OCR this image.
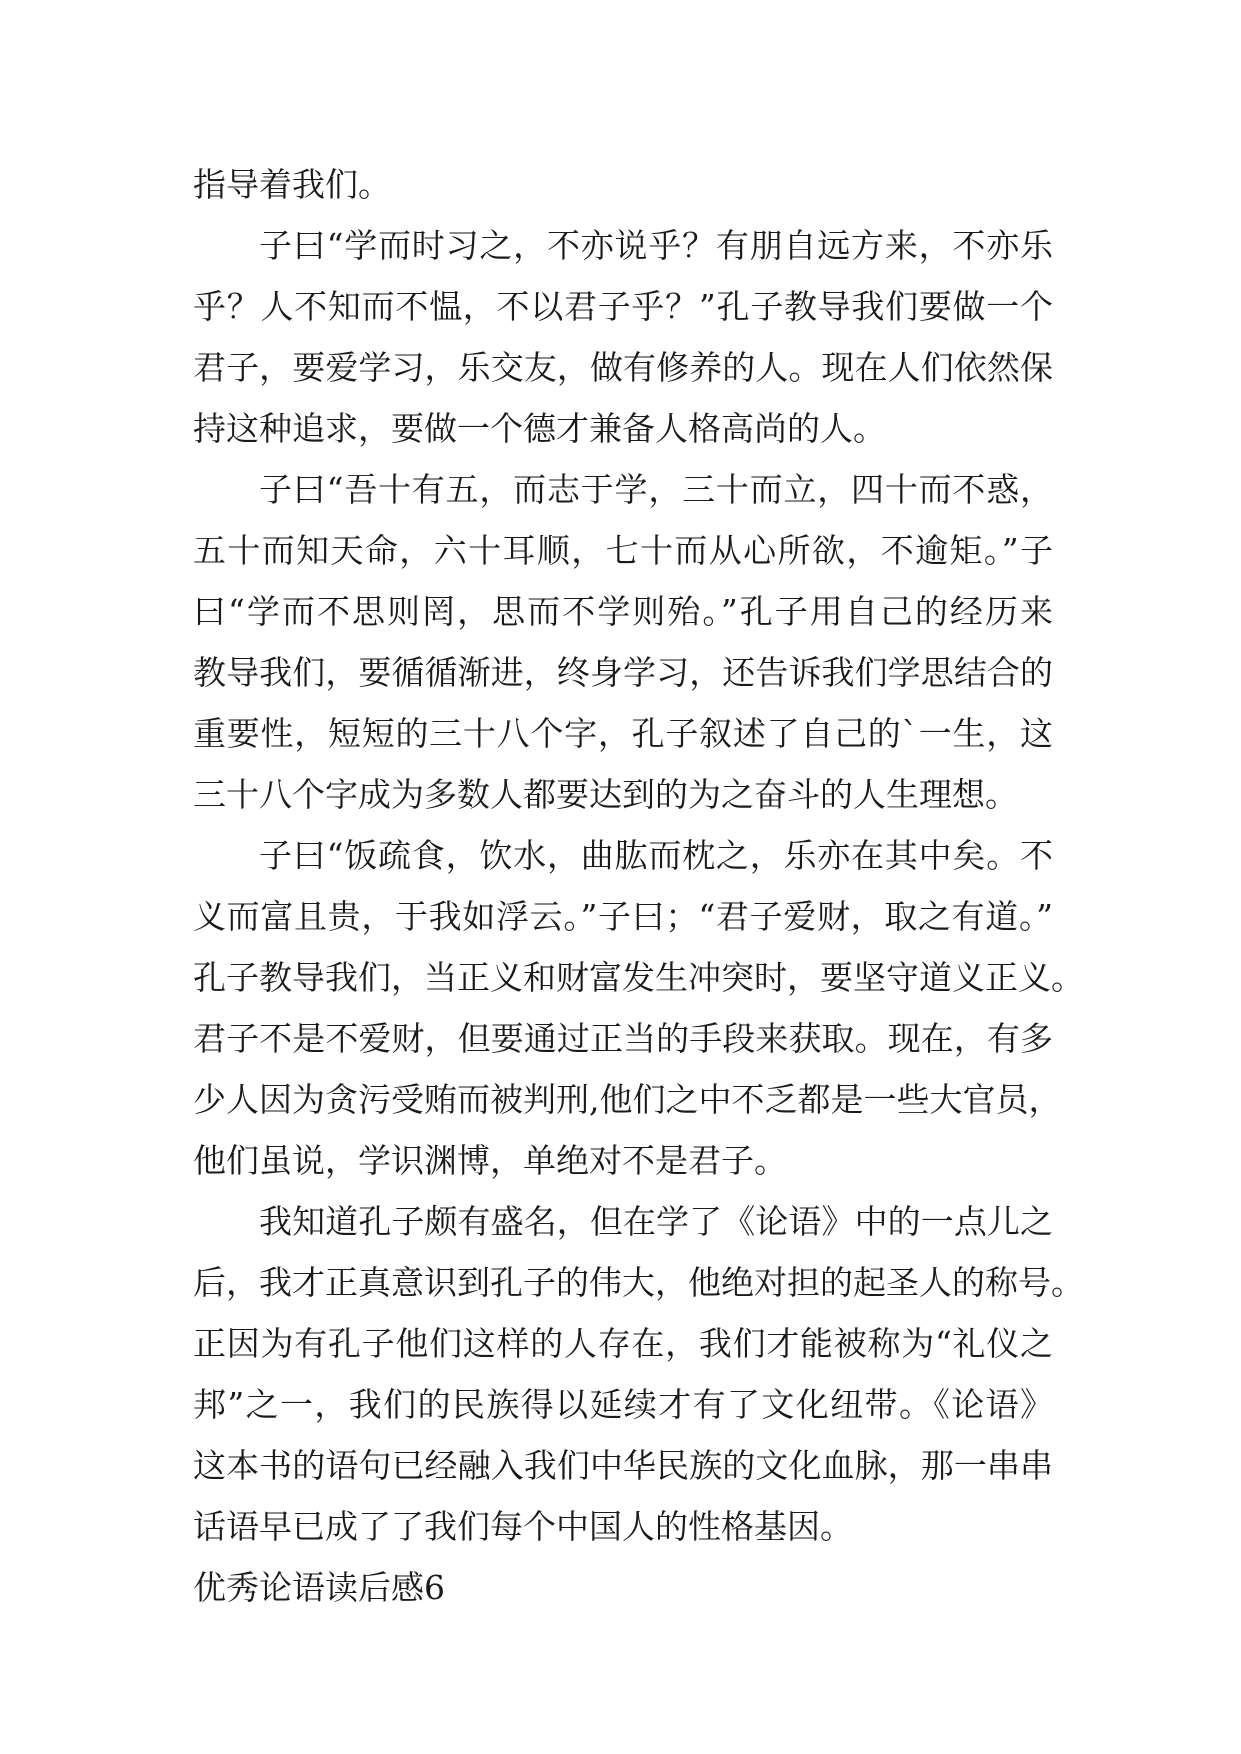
指导着我们。

子曰“学而时习之，不亦说乎？有朋自远方来，不亦乐

乎？人不知而不愠，不以君子乎？”孔子教导我们要做一个

君子，要爱学习，乐交友，做有修养的人。现在人们依然保

持这种追求，要做一个德才兼备人格高尚的人。

子曰“吾十有五，而志于学，三十而立，四十而不惑，

五十而知天命，六十耳顺，七十而从心所欲，不逾矩。”子

曰“学而不思则罔，思而不学则殆。”孔子用自己的经历来

教导我们，要循循渐进，终身学习，还告诉我们学思结合的

重要性，短短的三十八个字，孔子叙述了自己的`一生，这

三十八个字成为多数人都要达到的为之奋斗的人生理想。

子曰“饭疏食，饮水，曲肱而枕之，乐亦在其中矣。不

义而富且贵，于我如浮云。”子曰；“君子爱财，取之有道。”

孔子教导我们，当正义和财富发生冲突时，要坚守道义正义。

君子不是不爱财，但要通过正当的手段来获取。现在，有多

少人因为贪污受贿而被判刑,他们之中不乏都是一些大官员，

他们虽说，学识渊博，单绝对不是君子。

我知道孔子颇有盛名，但在学了《论语》中的一点儿之

后，我才正真意识到孔子的伟大，他绝对担的起圣人的称号。

正因为有孔子他们这样的人存在，我们才能被称为“礼仪之

邦”之一，我们的民族得以延续才有了文化纽带。《论语》

这本书的语句已经融入我们中华民族的文化血脉，那一串串

话语早已成了了我们每个中国人的性格基因。

优秀论语读后感6
